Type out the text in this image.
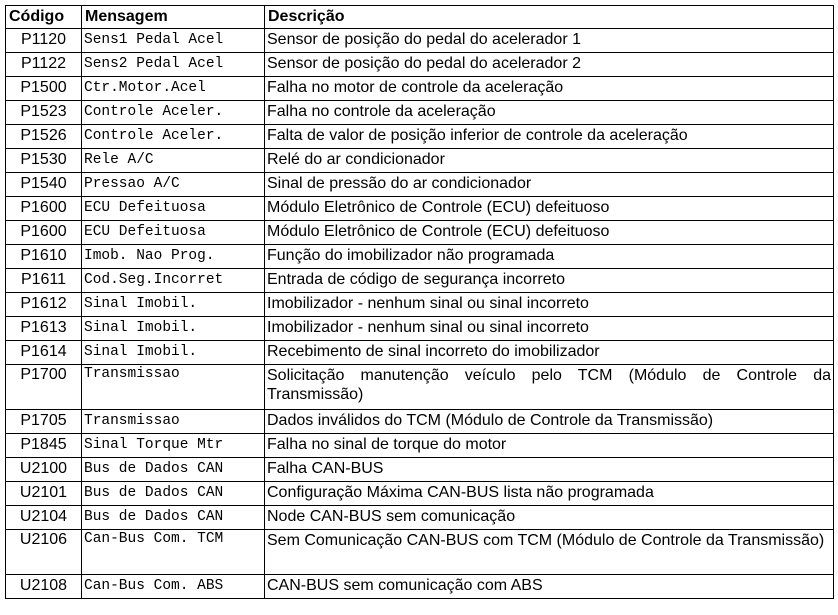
Código	Mensagem	Descrição
P1120	Sens1 Pedal Acel	Sensor de posição do pedal do acelerador 1
P1122	Sens2 Pedal Acel	Sensor de posição do pedal do acelerador 2
P1500	Ctr.Motor.Acel	Falha no motor de controle da aceleração
P1523	Controle Aceler.	Falha no controle da aceleração
P1526	Controle Aceler.	Falta de valor de posição inferior de controle da aceleração
P1530	Rele A/C	Relé do ar condicionador
P1540	Pressao A/C	Sinal de pressão do ar condicionador
P1600	ECU Defeituosa	Módulo Eletrônico de Controle (ECU) defeituoso
P1600	ECU Defeituosa	Módulo Eletrônico de Controle (ECU) defeituoso
P1610	Imob. Nao Prog.	Função do imobilizador não programada
P1611	Cod.Seg.Incorret	Entrada de código de segurança incorreto
P1612	Sinal Imobil.	Imobilizador - nenhum sinal ou sinal incorreto
P1613	Sinal Imobil.	Imobilizador - nenhum sinal ou sinal incorreto
P1614	Sinal Imobil.	Recebimento de sinal incorreto do imobilizador
P1700	Transmissao	Solicitação manutenção veículo pelo TCM (Módulo de Controle da Transmissão)
P1705	Transmissao	Dados inválidos do TCM (Módulo de Controle da Transmissão)
P1845	Sinal Torque Mtr	Falha no sinal de torque do motor
U2100	Bus de Dados CAN	Falha CAN-BUS
U2101	Bus de Dados CAN	Configuração Máxima CAN-BUS lista não programada
U2104	Bus de Dados CAN	Node CAN-BUS sem comunicação
U2106	Can-Bus Com. TCM	Sem Comunicação CAN-BUS com TCM (Módulo de Controle da Transmissão)
U2108	Can-Bus Com. ABS	CAN-BUS sem comunicação com ABS
